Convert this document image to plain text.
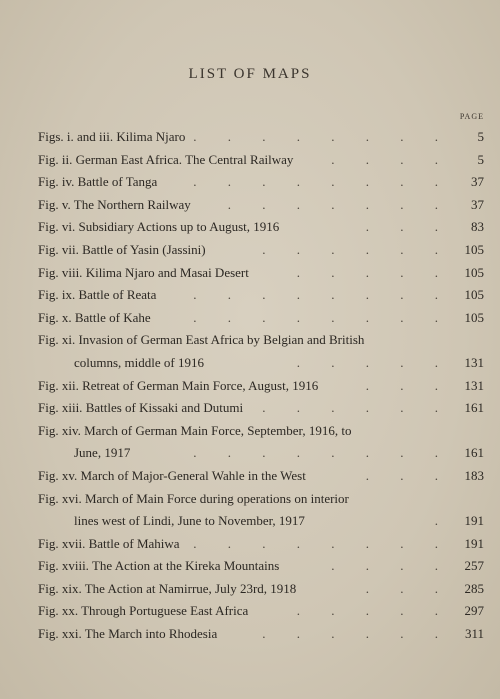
LIST OF MAPS
PAGE
Figs. i. and iii. Kilima Njaro . . . . . . . .	5
Fig. ii. German East Africa. The Central Railway	. . . .	5
Fig. iv. Battle of Tanga	. . . . . . . .	37
Fig. v. The Northern Railway	. . . . . . .	37
Fig. vi. Subsidiary Actions up to August, 1916	. . .	83
Fig. vii. Battle of Yasin (Jassini)	. . . . . . 105
Fig. viii. Kilima Njaro and Masai Desert	. . . . . 105
Fig. ix. Battle of Reata	. . . . . . . . 105
Fig. x. Battle of Kahe	. . . . . . . . 105
Fig. xi. Invasion of German East Africa by Belgian and British
columns, middle of 1916	. . . . . 131
Fig. xii. Retreat of German Main Force, August, 1916	. . . 131
Fig. xiii. Battles of Kissaki and Dutumi . . . . . . 161
Fig. xiv. March of German Main Force, September, 1916, to
June, 1917	. . . . . . . . 161
Fig. xv. March of Major-General Wahle in the West	. . . 183
Fig. xvi. March of Main Force during operations on interior
lines west of Lindi, June to November, 1917	. 191
Fig. xvii. Battle of Mahiwa . . . . . . . . 191
Fig. xviii. The Action at the Kireka Mountains	. . . . 257
Fig. xix. The Action at Namirrue, July 23rd, 1918	. . . 285
Fig. xx. Through Portuguese East Africa	. . . . . 297
Fig. xxi. The March into Rhodesia	. . . . . . 311
